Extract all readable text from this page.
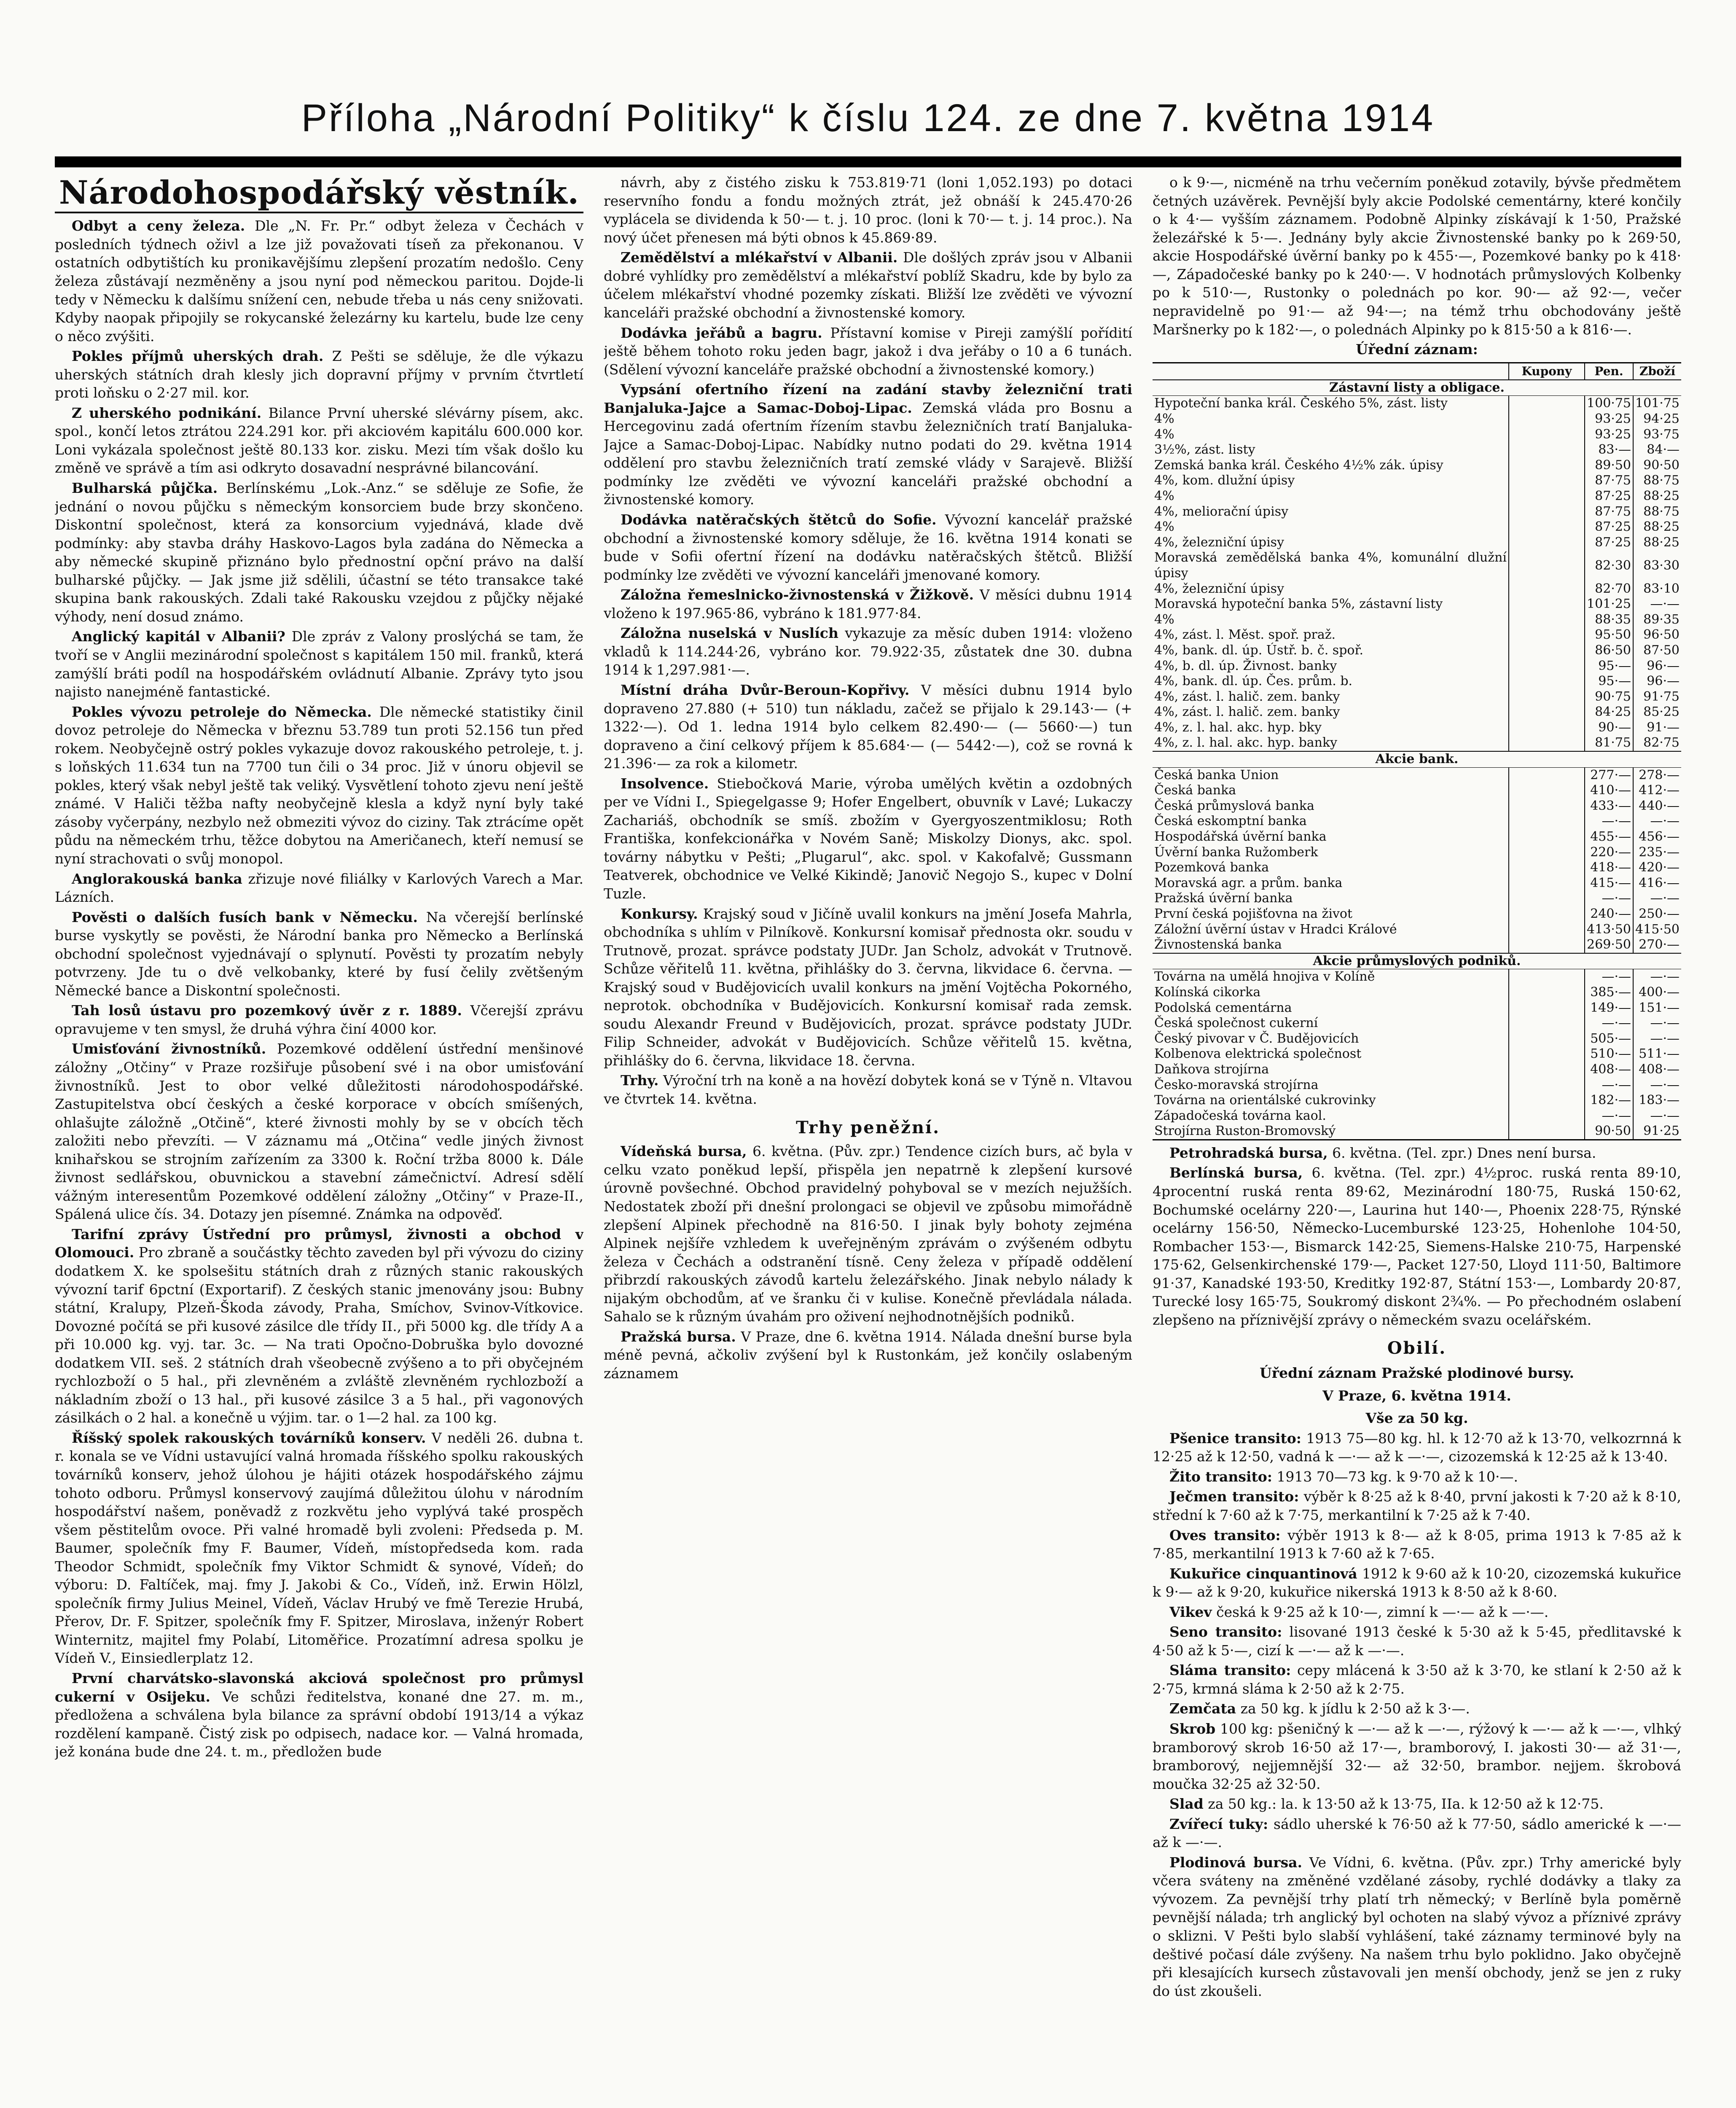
Příloha „Národní Politiky“ k číslu 124. ze dne 7. května 1914
Národohospodářský věstník.

Odbyt a ceny železa. Dle „N. Fr. Pr.“ odbyt železa v Čechách v posledních týdnech oživl a lze již považovati tíseň za překonanou. V ostatních odbytištích ku pronikavějšímu zlepšení prozatím nedošlo. Ceny železa zůstávají nezměněny a jsou nyní pod německou paritou. Dojde-li tedy v Německu k dalšímu snížení cen, nebude třeba u nás ceny snižovati. Kdyby naopak připojily se rokycanské železárny ku kartelu, bude lze ceny o něco zvýšiti.

Pokles příjmů uherských drah. Z Pešti se sděluje, že dle výkazu uherských státních drah klesly jich dopravní příjmy v prvním čtvrtletí proti loňsku o 2·27 mil. kor.

Z uherského podnikání. Bilance První uherské slévárny písem, akc. spol., končí letos ztrátou 224.291 kor. při akciovém kapitálu 600.000 kor. Loni vykázala společnost ještě 80.133 kor. zisku. Mezi tím však došlo ku změně ve správě a tím asi odkryto dosavadní nesprávné bilancování.

Bulharská půjčka. Berlínskému „Lok.-Anz.“ se sděluje ze Sofie, že jednání o novou půjčku s německým konsorciem bude brzy skončeno. Diskontní společnost, která za konsorcium vyjednává, klade dvě podmínky: aby stavba dráhy Haskovo-Lagos byla zadána do Německa a aby německé skupině přiznáno bylo přednostní opční právo na další bulharské půjčky. — Jak jsme již sdělili, účastní se této transakce také skupina bank rakouských. Zdali také Rakousku vzejdou z půjčky nějaké výhody, není dosud známo.

Anglický kapitál v Albanii? Dle zpráv z Valony proslýchá se tam, že tvoří se v Anglii mezinárodní společnost s kapitálem 150 mil. franků, která zamýšlí bráti podíl na hospodářském ovládnutí Albanie. Zprávy tyto jsou najisto nanejméně fantastické.

Pokles vývozu petroleje do Německa. Dle německé statistiky činil dovoz petroleje do Německa v březnu 53.789 tun proti 52.156 tun před rokem. Neobyčejně ostrý pokles vykazuje dovoz rakouského petroleje, t. j. s loňských 11.634 tun na 7700 tun čili o 34 proc. Již v únoru objevil se pokles, který však nebyl ještě tak veliký. Vysvětlení tohoto zjevu není ještě známé. V Haliči těžba nafty neobyčejně klesla a když nyní byly také zásoby vyčerpány, nezbylo než obmeziti vývoz do ciziny. Tak ztrácíme opět půdu na německém trhu, těžce dobytou na Američanech, kteří nemusí se nyní strachovati o svůj monopol.

Anglorakouská banka zřizuje nové filiálky v Karlových Varech a Mar. Lázních.

Pověsti o dalších fusích bank v Německu. Na včerejší berlínské burse vyskytly se pověsti, že Národní banka pro Německo a Berlínská obchodní společnost vyjednávají o splynutí. Pověsti ty prozatím nebyly potvrzeny. Jde tu o dvě velkobanky, které by fusí čelily zvětšeným Německé bance a Diskontní společnosti.

Tah losů ústavu pro pozemkový úvěr z r. 1889. Včerejší zprávu opravujeme v ten smysl, že druhá výhra činí 4000 kor.

Umisťování živnostníků. Pozemkové oddělení ústřední menšinové záložny „Otčiny“ v Praze rozšiřuje působení své i na obor umisťování živnostníků. Jest to obor velké důležitosti národohospodářské. Zastupitelstva obcí českých a české korporace v obcích smíšených, ohlašujte záložně „Otčině“, které živnosti mohly by se v obcích těch založiti nebo převzíti. — V záznamu má „Otčina“ vedle jiných živnost knihařskou se strojním zařízením za 3300 k. Roční tržba 8000 k. Dále živnost sedlářskou, obuvnickou a stavební zámečnictví. Adresí sdělí vážným interesentům Pozemkové oddělení záložny „Otčiny“ v Praze-II., Spálená ulice čís. 34. Dotazy jen písemné. Známka na odpověď.

Tarifní zprávy Ústřední pro průmysl, živnosti a obchod v Olomouci. Pro zbraně a součástky těchto zaveden byl při vývozu do ciziny dodatkem X. ke spolsešitu státních drah z různých stanic rakouských vývozní tarif 6pctní (Exportarif). Z českých stanic jmenovány jsou: Bubny státní, Kralupy, Plzeň-Škoda závody, Praha, Smíchov, Svinov-Vítkovice. Dovozné počítá se při kusové zásilce dle třídy II., při 5000 kg. dle třídy A a při 10.000 kg. vyj. tar. 3c. — Na trati Opočno-Dobruška bylo dovozné dodatkem VII. seš. 2 státních drah všeobecně zvýšeno a to při obyčejném rychlozboží o 5 hal., při zlevněném a zvláště zlevněném rychlozboží a nákladním zboží o 13 hal., při kusové zásilce 3 a 5 hal., při vagonových zásilkách o 2 hal. a konečně u výjim. tar. o 1—2 hal. za 100 kg.

Říšský spolek rakouských továrníků konserv. V neděli 26. dubna t. r. konala se ve Vídni ustavující valná hromada říšského spolku rakouských továrníků konserv, jehož úlohou je hájiti otázek hospodářského zájmu tohoto odboru. Průmysl konservový zaujímá důležitou úlohu v národním hospodářství našem, poněvadž z rozkvětu jeho vyplývá také prospěch všem pěstitelům ovoce. Při valné hromadě byli zvoleni: Předseda p. M. Baumer, společník fmy F. Baumer, Vídeň, místopředseda kom. rada Theodor Schmidt, společník fmy Viktor Schmidt & synové, Vídeň; do výboru: D. Faltíček, maj. fmy J. Jakobi & Co., Vídeň, inž. Erwin Hölzl, společník firmy Julius Meinel, Vídeň, Václav Hrubý ve fmě Terezie Hrubá, Přerov, Dr. F. Spitzer, společník fmy F. Spitzer, Miroslava, inženýr Robert Winternitz, majitel fmy Polabí, Litoměřice. Prozatímní adresa spolku je Vídeň V., Einsiedlerplatz 12.

První charvátsko-slavonská akciová společnost pro průmysl cukerní v Osijeku. Ve schůzi ředitelstva, konané dne 27. m. m., předložena a schválena byla bilance za správní období 1913/14 a výkaz rozdělení kampaně. Čistý zisk po odpisech, nadace kor. — Valná hromada, jež konána bude dne 24. t. m., předložen bude

návrh, aby z čistého zisku k 753.819·71 (loni 1,052.193) po dotaci reservního fondu a fondu možných ztrát, jež obnáší k 245.470·26 vyplácela se dividenda k 50·— t. j. 10 proc. (loni k 70·— t. j. 14 proc.). Na nový účet přenesen má býti obnos k 45.869·89.

Zemědělství a mlékařství v Albanii. Dle došlých zpráv jsou v Albanii dobré vyhlídky pro zemědělství a mlékařství poblíž Skadru, kde by bylo za účelem mlékařství vhodné pozemky získati. Bližší lze zvěděti ve vývozní kanceláři pražské obchodní a živnostenské komory.

Dodávka jeřábů a bagru. Přístavní komise v Pireji zamýšlí pořídití ještě během tohoto roku jeden bagr, jakož i dva jeřáby o 10 a 6 tunách. (Sdělení vývozní kanceláře pražské obchodní a živnostenské komory.)

Vypsání ofertního řízení na zadání stavby železniční trati Banjaluka-Jajce a Samac-Doboj-Lipac. Zemská vláda pro Bosnu a Hercegovinu zadá ofertním řízením stavbu železničních tratí Banjaluka-Jajce a Samac-Doboj-Lipac. Nabídky nutno podati do 29. května 1914 oddělení pro stavbu železničních tratí zemské vlády v Sarajevě. Bližší podmínky lze zvěděti ve vývozní kanceláři pražské obchodní a živnostenské komory.

Dodávka natěračských štětců do Sofie. Vývozní kancelář pražské obchodní a živnostenské komory sděluje, že 16. května 1914 konati se bude v Sofii ofertní řízení na dodávku natěračských štětců. Bližší podmínky lze zvěděti ve vývozní kanceláři jmenované komory.

Záložna řemeslnicko-živnostenská v Žižkově. V měsíci dubnu 1914 vloženo k 197.965·86, vybráno k 181.977·84.

Záložna nuselská v Nuslích vykazuje za měsíc duben 1914: vloženo vkladů k 114.244·26, vybráno kor. 79.922·35, zůstatek dne 30. dubna 1914 k 1,297.981·—.

Místní dráha Dvůr-Beroun-Kopřivy. V měsíci dubnu 1914 bylo dopraveno 27.880 (+ 510) tun nákladu, začež se přijalo k 29.143·— (+ 1322·—). Od 1. ledna 1914 bylo celkem 82.490·— (— 5660·—) tun dopraveno a činí celkový příjem k 85.684·— (— 5442·—), což se rovná k 21.396·— za rok a kilometr.

Insolvence. Stiebočková Marie, výroba umělých květin a ozdobných per ve Vídni I., Spiegelgasse 9; Hofer Engelbert, obuvník v Lavé; Lukaczy Zachariáš, obchodník se smíš. zbožím v Gyergyoszentmiklosu; Roth Františka, konfekcionářka v Novém Saně; Miskolzy Dionys, akc. spol. továrny nábytku v Pešti; „Plugarul“, akc. spol. v Kakofalvě; Gussmann Teatverek, obchodnice ve Velké Kikindě; Janovič Negojo S., kupec v Dolní Tuzle.

Konkursy. Krajský soud v Jičíně uvalil konkurs na jmění Josefa Mahrla, obchodníka s uhlím v Pilníkově. Konkursní komisař přednosta okr. soudu v Trutnově, prozat. správce podstaty JUDr. Jan Scholz, advokát v Trutnově. Schůze věřitelů 11. května, přihlášky do 3. června, likvidace 6. června. — Krajský soud v Budějovicích uvalil konkurs na jmění Vojtěcha Pokorného, neprotok. obchodníka v Budějovicích. Konkursní komisař rada zemsk. soudu Alexandr Freund v Budějovicích, prozat. správce podstaty JUDr. Filip Schneider, advokát v Budějovicích. Schůze věřitelů 15. května, přihlášky do 6. června, likvidace 18. června.

Trhy. Výroční trh na koně a na hovězí dobytek koná se v Týně n. Vltavou ve čtvrtek 14. května.

Trhy peněžní.

Vídeňská bursa, 6. května. (Pův. zpr.) Tendence cizích burs, ač byla v celku vzato poněkud lepší, přispěla jen nepatrně k zlepšení kursové úrovně povšechné. Obchod pravidelný pohyboval se v mezích nejužších. Nedostatek zboží při dnešní prolongaci se objevil ve způsobu mimořádně zlepšení Alpinek přechodně na 816·50. I jinak byly bohoty zejména Alpinek nejšíře vzhledem k uveřejněným zprávám o zvýšeném odbytu železa v Čechách a odstranění tísně. Ceny železa v případě oddělení přibrzdí rakouských závodů kartelu železářského. Jinak nebylo nálady k nijakým obchodům, ať ve šranku či v kulise. Konečně převládala nálada. Sahalo se k různým úvahám pro oživení nejhodnotnějších podniků.

Pražská bursa. V Praze, dne 6. května 1914. Nálada dnešní burse byla méně pevná, ačkoliv zvýšení byl k Rustonkám, jež končily oslabeným záznamem

o k 9·—, nicméně na trhu večerním poněkud zotavily, bývše předmětem četných uzávěrek. Pevnější byly akcie Podolské cementárny, které končily o k 4·— vyšším záznamem. Podobně Alpinky získávají k 1·50, Pražské železářské k 5·—. Jednány byly akcie Živnostenské banky po k 269·50, akcie Hospodářské úvěrní banky po k 455·—, Pozemkové banky po k 418·—, Západočeské banky po k 240·—. V hodnotách průmyslových Kolbenky po k 510·—, Rustonky o polednách po kor. 90·— až 92·—, večer nepravidelně po 91·— až 94·—; na témž trhu obchodovány ještě Maršnerky po k 182·—, o polednách Alpinky po k 815·50 a k 816·—.

Úřední záznam:
	Kupony	Pen.	Zboží
Zástavní listy a obligace.			
Hypoteční banka král. Českého 5%, zást. listy		100·75	101·75
4%		93·25	94·25
4%		93·25	93·75
3½%, zást. listy		83·—	84·—
Zemská banka král. Českého 4½% zák. úpisy		89·50	90·50
4%, kom. dlužní úpisy		87·75	88·75
4%		87·25	88·25
4%, meliorační úpisy		87·75	88·75
4%		87·25	88·25
4%, železniční úpisy		87·25	88·25
Moravská zemědělská banka 4%, komunální dlužní úpisy		82·30	83·30
4%, železniční úpisy		82·70	83·10
Moravská hypoteční banka 5%, zástavní listy		101·25	—·—
4%		88·35	89·35
4%, zást. l. Měst. spoř. praž.		95·50	96·50
4%, bank. dl. úp. Ústř. b. č. spoř.		86·50	87·50
4%, b. dl. úp. Živnost. banky		95·—	96·—
4%, bank. dl. úp. Čes. prům. b.		95·—	96·—
4%, zást. l. halič. zem. banky		90·75	91·75
4%, zást. l. halič. zem. banky		84·25	85·25
4%, z. l. hal. akc. hyp. bky		90·—	91·—
4%, z. l. hal. akc. hyp. banky		81·75	82·75
Akcie bank.			
Česká banka Union		277·—	278·—
Česká banka		410·—	412·—
Česká průmyslová banka		433·—	440·—
Česká eskomptní banka		—·—	—·—
Hospodářská úvěrní banka		455·—	456·—
Úvěrní banka Ružomberk		220·—	235·—
Pozemková banka		418·—	420·—
Moravská agr. a prům. banka		415·—	416·—
Pražská úvěrní banka		—·—	—·—
První česká pojišťovna na život		240·—	250·—
Záložní úvěrní ústav v Hradci Králové		413·50	415·50
Živnostenská banka		269·50	270·—
Akcie průmyslových podniků.			
Továrna na umělá hnojiva v Kolíně		—·—	—·—
Kolínská cikorka		385·—	400·—
Podolská cementárna		149·—	151·—
Česká společnost cukerní		—·—	—·—
Český pivovar v Č. Budějovicích		505·—	—·—
Kolbenova elektrická společnost		510·—	511·—
Daňkova strojírna		408·—	408·—
Česko-moravská strojírna		—·—	—·—
Továrna na orientálské cukrovinky		182·—	183·—
Západočeská továrna kaol.		—·—	—·—
Strojírna Ruston-Bromovský		90·50	91·25

Petrohradská bursa, 6. května. (Tel. zpr.) Dnes není bursa.

Berlínská bursa, 6. května. (Tel. zpr.) 4½proc. ruská renta 89·10, 4procentní ruská renta 89·62, Mezinárodní 180·75, Ruská 150·62, Bochumské ocelárny 220·—, Laurina hut 140·—, Phoenix 228·75, Rýnské ocelárny 156·50, Německo-Lucemburské 123·25, Hohenlohe 104·50, Rombacher 153·—, Bismarck 142·25, Siemens-Halske 210·75, Harpenské 175·62, Gelsenkirchenské 179·—, Packet 127·50, Lloyd 111·50, Baltimore 91·37, Kanadské 193·50, Kreditky 192·87, Státní 153·—, Lombardy 20·87, Turecké losy 165·75, Soukromý diskont 2¾%. — Po přechodném oslabení zlepšeno na příznivější zprávy o německém svazu ocelářském.

Obilí.
Úřední záznam Pražské plodinové bursy.
V Praze, 6. května 1914.
Vše za 50 kg.

Pšenice transito: 1913 75—80 kg. hl. k 12·70 až k 13·70, velkozrnná k 12·25 až k 12·50, vadná k —·— až k —·—, cizozemská k 12·25 až k 13·40.

Žito transito: 1913 70—73 kg. k 9·70 až k 10·—.

Ječmen transito: výběr k 8·25 až k 8·40, první jakosti k 7·20 až k 8·10, střední k 7·60 až k 7·75, merkantilní k 7·25 až k 7·40.

Oves transito: výběr 1913 k 8·— až k 8·05, prima 1913 k 7·85 až k 7·85, merkantilní 1913 k 7·60 až k 7·65.

Kukuřice cinquantinová 1912 k 9·60 až k 10·20, cizozemská kukuřice k 9·— až k 9·20, kukuřice nikerská 1913 k 8·50 až k 8·60.

Vikev česká k 9·25 až k 10·—, zimní k —·— až k —·—.

Seno transito: lisované 1913 české k 5·30 až k 5·45, předlitavské k 4·50 až k 5·—, cizí k —·— až k —·—.

Sláma transito: cepy mlácená k 3·50 až k 3·70, ke stlaní k 2·50 až k 2·75, krmná sláma k 2·50 až k 2·75.

Zemčata za 50 kg. k jídlu k 2·50 až k 3·—.

Skrob 100 kg: pšeničný k —·— až k —·—, rýžový k —·— až k —·—, vlhký bramborový skrob 16·50 až 17·—, bramborový, I. jakosti 30·— až 31·—, bramborový, nejjemnější 32·— až 32·50, brambor. nejjem. škrobová moučka 32·25 až 32·50.

Slad za 50 kg.: la. k 13·50 až k 13·75, IIa. k 12·50 až k 12·75.

Zvířecí tuky: sádlo uherské k 76·50 až k 77·50, sádlo americké k —·— až k —·—.

Plodinová bursa. Ve Vídni, 6. května. (Pův. zpr.) Trhy americké byly včera sváteny na změněné vzdělané zásoby, rychlé dodávky a tlaky za vývozem. Za pevnější trhy platí trh německý; v Berlíně byla poměrně pevnější nálada; trh anglický byl ochoten na slabý vývoz a příznivé zprávy o sklizni. V Pešti bylo slabší vyhlášení, také záznamy terminové byly na deštivé počasí dále zvýšeny. Na našem trhu bylo poklidno. Jako obyčejně při klesajících kursech zůstavovali jen menší obchody, jenž se jen z ruky do úst zkoušeli.
